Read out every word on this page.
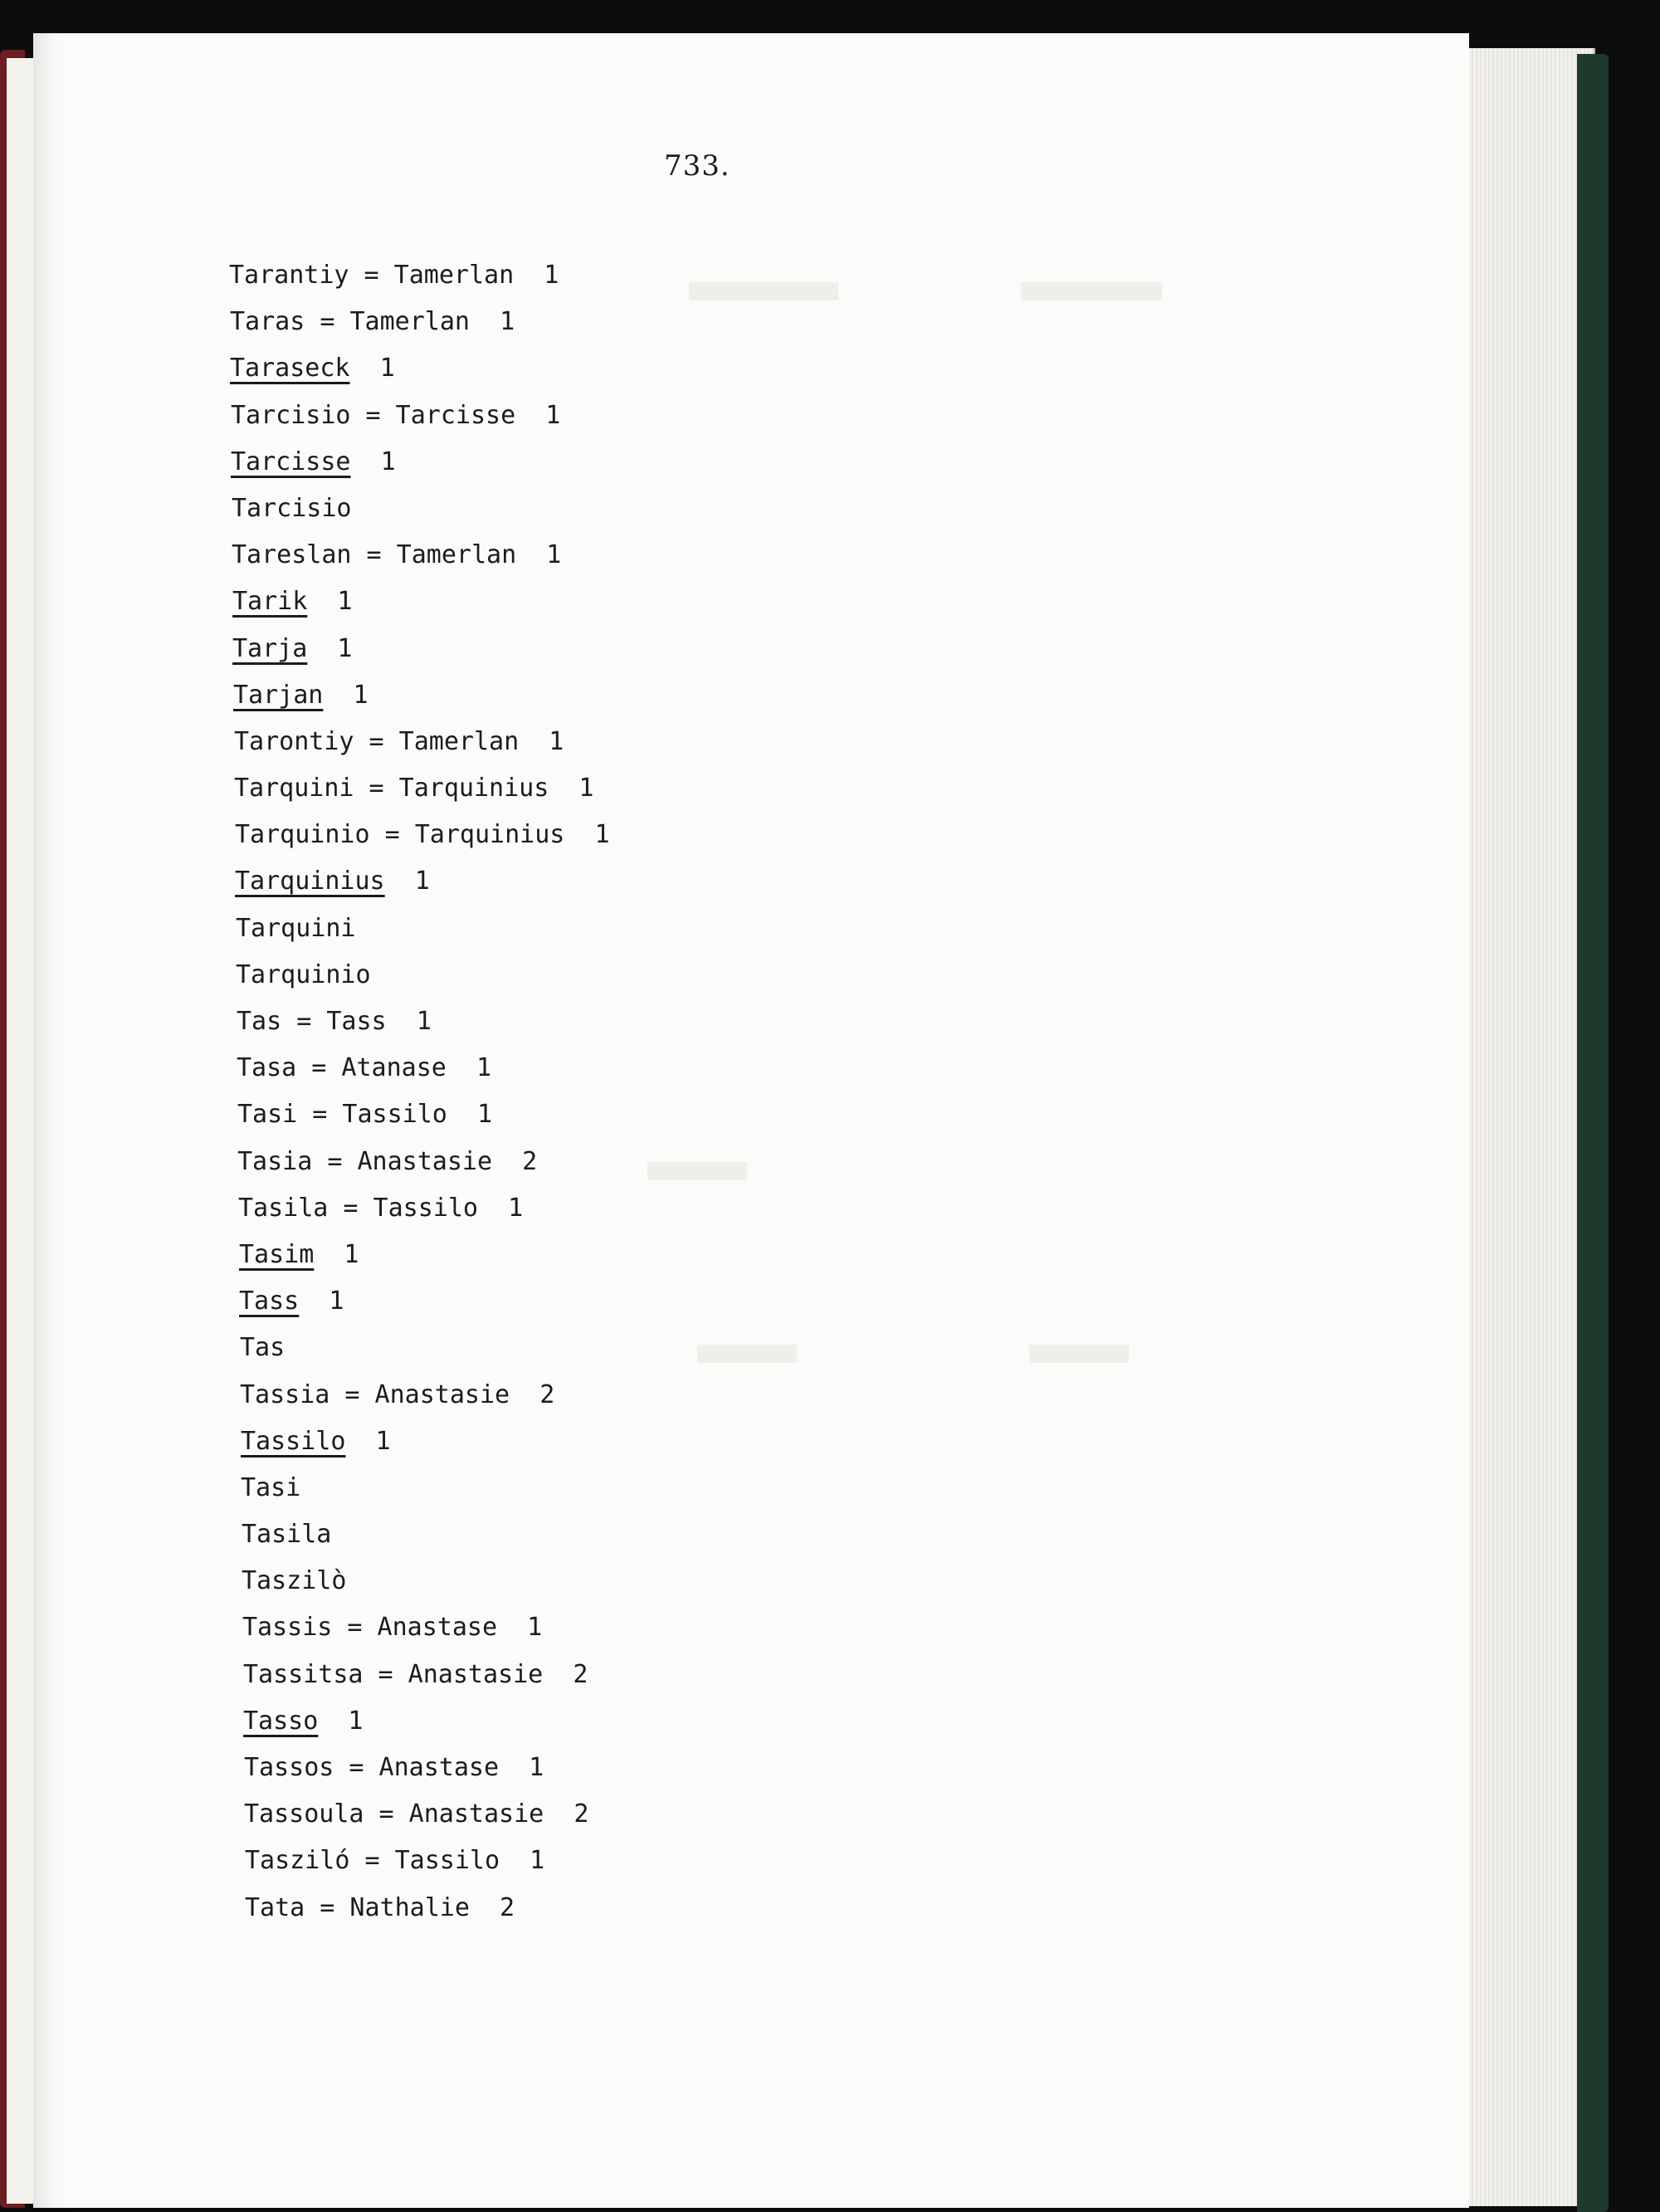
733.
Tarantiy = Tamerlan  1
Taras = Tamerlan  1
Taraseck  1
Tarcisio = Tarcisse  1
Tarcisse  1
Tarcisio
Tareslan = Tamerlan  1
Tarik  1
Tarja  1
Tarjan  1
Tarontiy = Tamerlan  1
Tarquini = Tarquinius  1
Tarquinio = Tarquinius  1
Tarquinius  1
Tarquini
Tarquinio
Tas = Tass  1
Tasa = Atanase  1
Tasi = Tassilo  1
Tasia = Anastasie  2
Tasila = Tassilo  1
Tasim  1
Tass  1
Tas
Tassia = Anastasie  2
Tassilo  1
Tasi
Tasila
Taszilò
Tassis = Anastase  1
Tassitsa = Anastasie  2
Tasso  1
Tassos = Anastase  1
Tassoula = Anastasie  2
Tasziló = Tassilo  1
Tata = Nathalie  2
